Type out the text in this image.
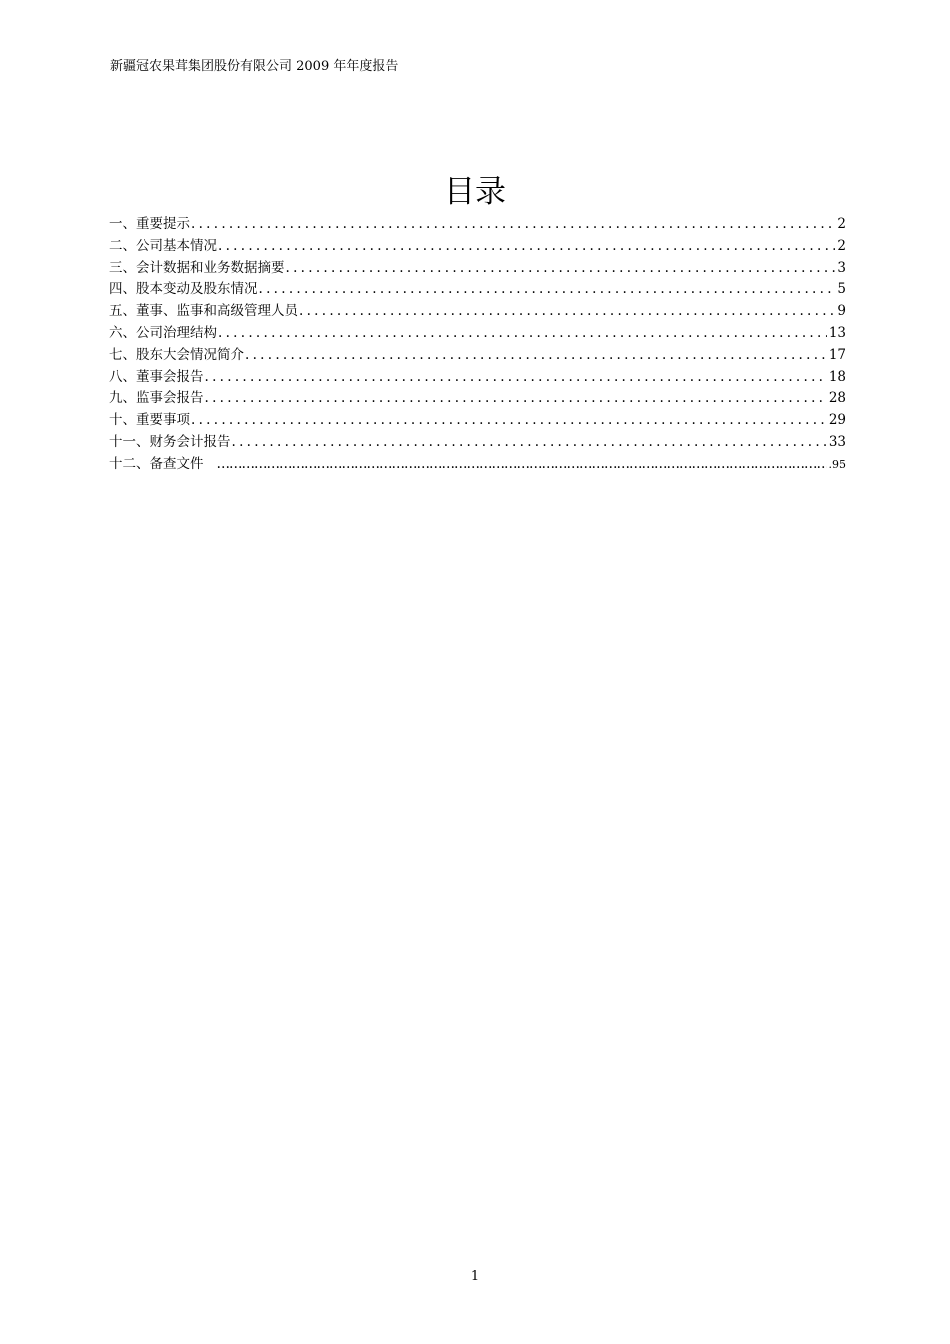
新疆冠农果茸集团股份有限公司 2009 年年度报告
目录
一、重要提示 . . .	2
二、公司基本情况 . . .	2
三、会计数据和业务数据摘要 . . .	3
四、股本变动及股东情况 . . .	5
五、董事、监事和高级管理人员 . . .	9
六、公司治理结构 . . .	13
七、股东大会情况简介 . . .	17
八、董事会报告 . . .	18
九、监事会报告 . . .	28
十、重要事项 . . .	29
十一、财务会计报告 . . .	33
十二、备查文件 …………………………………………………………………………………………………………………………………………………………………………………………………………	.95
1
